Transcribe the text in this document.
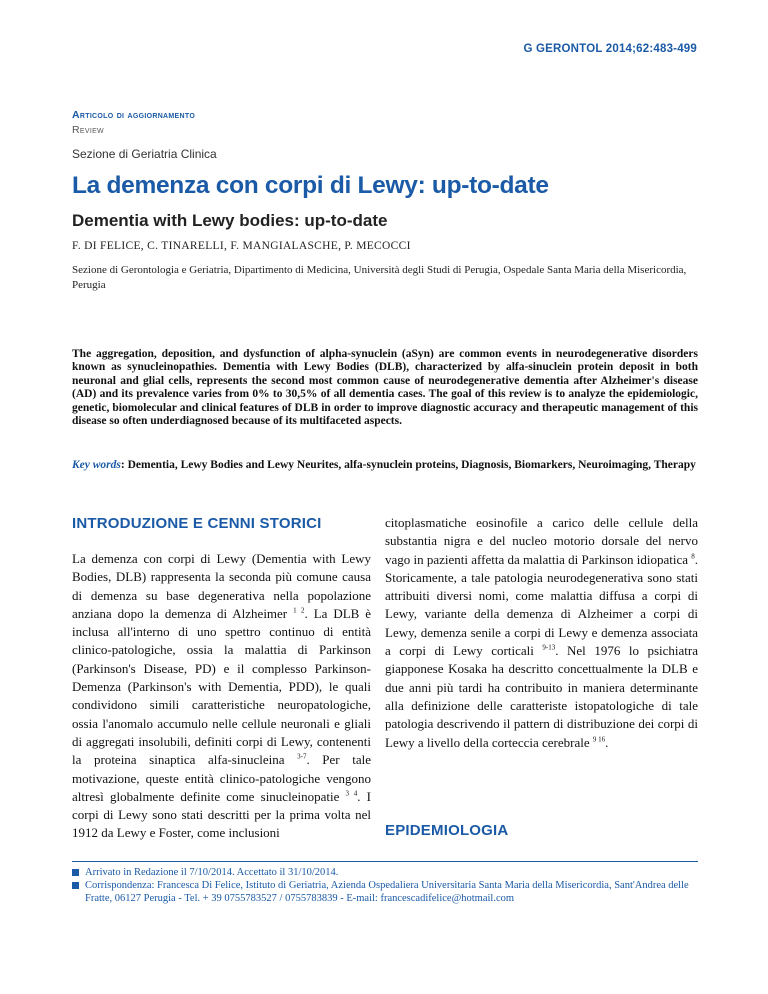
G GERONTOL 2014;62:483-499
Articolo di aggiornamento
Review
Sezione di Geriatria Clinica
La demenza con corpi di Lewy: up-to-date
Dementia with Lewy bodies: up-to-date
F. DI FELICE, C. TINARELLI, F. MANGIALASCHE, P. MECOCCI
Sezione di Gerontologia e Geriatria, Dipartimento di Medicina, Università degli Studi di Perugia, Ospedale Santa Maria della Misericordia, Perugia

The aggregation, deposition, and dysfunction of alpha-synuclein (aSyn) are common events in neurodegenerative disorders known as synucleinopathies. Dementia with Lewy Bodies (DLB), characterized by alfa-sinuclein protein deposit in both neuronal and glial cells, represents the second most common cause of neurodegenerative dementia after Alzheimer's disease (AD) and its prevalence varies from 0% to 30,5% of all dementia cases. The goal of this review is to analyze the epidemiologic, genetic, biomolecular and clinical features of DLB in order to improve diagnostic accuracy and therapeutic management of this disease so often underdiagnosed because of its multifaceted aspects.

Key words: Dementia, Lewy Bodies and Lewy Neurites, alfa-synuclein proteins, Diagnosis, Biomarkers, Neuroimaging, Therapy

INTRODUZIONE E CENNI STORICI

La demenza con corpi di Lewy (Dementia with Lewy Bodies, DLB) rappresenta la seconda più comune causa di demenza su base degenerativa nella popolazione anziana dopo la demenza di Alzheimer $^{1 2}$. La DLB è inclusa all'interno di uno spettro continuo di entità clinico-patologiche, ossia la malattia di Parkinson (Parkinson's Disease, PD) e il complesso Parkinson-Demenza (Parkinson's with Dementia, PDD), le quali condividono simili caratteristiche neuropatologiche, ossia l'anomalo accumulo nelle cellule neuronali e gliali di aggregati insolubili, definiti corpi di Lewy, contenenti la proteina sinaptica alfa-sinucleina $^{3-7}$. Per tale motivazione, queste entità clinico-patologiche vengono altresì globalmente definite come sinucleinopatie $^{3 4}$. I corpi di Lewy sono stati descritti per la prima volta nel 1912 da Lewy e Foster, come inclusioni

citoplasmatiche eosinofile a carico delle cellule della substantia nigra e del nucleo motorio dorsale del nervo vago in pazienti affetta da malattia di Parkinson idiopatica $^8$. Storicamente, a tale patologia neurodegenerativa sono stati attribuiti diversi nomi, come malattia diffusa a corpi di Lewy, variante della demenza di Alzheimer a corpi di Lewy, demenza senile a corpi di Lewy e demenza associata a corpi di Lewy corticali $^{9-13}$. Nel 1976 lo psichiatra giapponese Kosaka ha descritto concettualmente la DLB e due anni più tardi ha contribuito in maniera determinante alla definizione delle caratteriste istopatologiche di tale patologia descrivendo il pattern di distribuzione dei corpi di Lewy a livello della corteccia cerebrale $^{9 16}$.

EPIDEMIOLOGIA

Arrivato in Redazione il 7/10/2014. Accettato il 31/10/2014.

Corrispondenza: Francesca Di Felice, Istituto di Geriatria, Azienda Ospedaliera Universitaria Santa Maria della Misericordia, Sant'Andrea delle Fratte, 06127 Perugia - Tel. + 39 0755783527 / 0755783839 - E-mail: francescadifelice@hotmail.com
